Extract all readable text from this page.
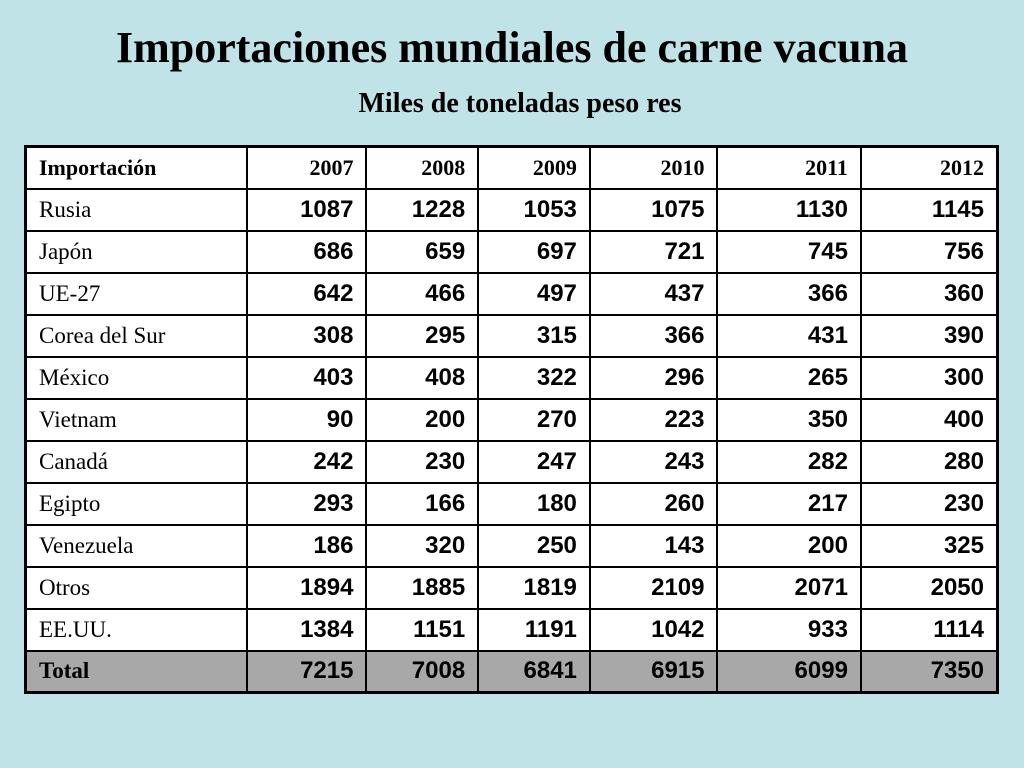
Importaciones mundiales de carne vacuna
Miles de toneladas peso res
Importación	2007	2008	2009	2010	2011	2012
Rusia	1087	1228	1053	1075	1130	1145
Japón	686	659	697	721	745	756
UE-27	642	466	497	437	366	360
Corea del Sur	308	295	315	366	431	390
México	403	408	322	296	265	300
Vietnam	90	200	270	223	350	400
Canadá	242	230	247	243	282	280
Egipto	293	166	180	260	217	230
Venezuela	186	320	250	143	200	325
Otros	1894	1885	1819	2109	2071	2050
EE.UU.	1384	1151	1191	1042	933	1114
Total	7215	7008	6841	6915	6099	7350
